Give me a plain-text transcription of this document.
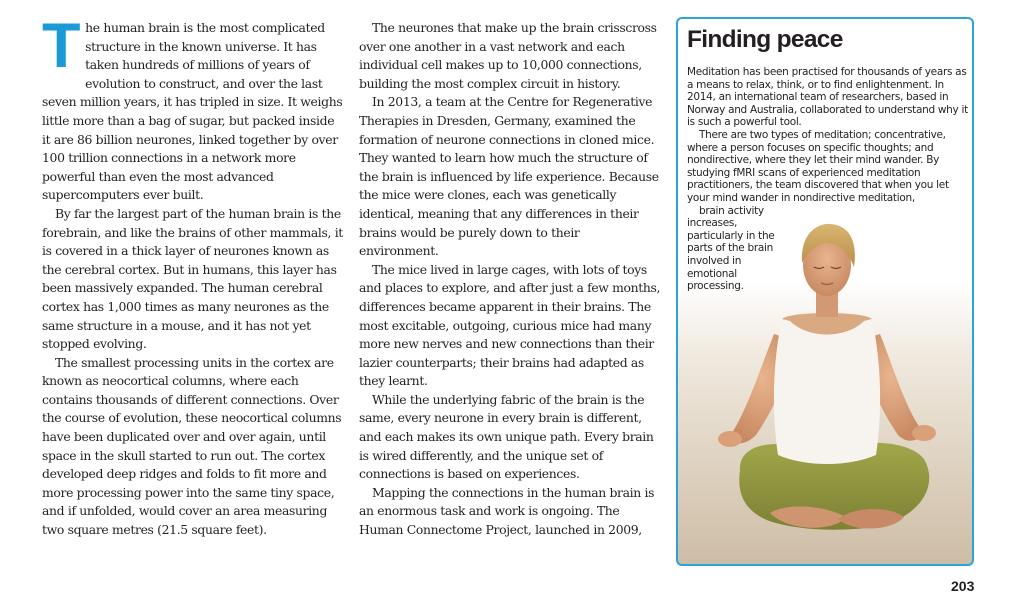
The human brain is the most complicated structure in the known universe. It has taken hundreds of millions of years of evolution to construct, and over the last seven million years, it has tripled in size. It weighs little more than a bag of sugar, but packed inside it are 86 billion neurones, linked together by over 100 trillion connections in a network more powerful than even the most advanced supercomputers ever built.

By far the largest part of the human brain is the forebrain, and like the brains of other mammals, it is covered in a thick layer of neurones known as the cerebral cortex. But in humans, this layer has been massively expanded. The human cerebral cortex has 1,000 times as many neurones as the same structure in a mouse, and it has not yet stopped evolving.

The smallest processing units in the cortex are known as neocortical columns, where each contains thousands of different connections. Over the course of evolution, these neocortical columns have been duplicated over and over again, until space in the skull started to run out. The cortex developed deep ridges and folds to fit more and more processing power into the same tiny space, and if unfolded, would cover an area measuring two square metres (21.5 square feet).

The neurones that make up the brain crisscross over one another in a vast network and each individual cell makes up to 10,000 connections, building the most complex circuit in history.

In 2013, a team at the Centre for Regenerative Therapies in Dresden, Germany, examined the formation of neurone connections in cloned mice. They wanted to learn how much the structure of the brain is influenced by life experience. Because the mice were clones, each was genetically identical, meaning that any differences in their brains would be purely down to their environment.

The mice lived in large cages, with lots of toys and places to explore, and after just a few months, differences became apparent in their brains. The most excitable, outgoing, curious mice had many more new nerves and new connections than their lazier counterparts; their brains had adapted as they learnt.

While the underlying fabric of the brain is the same, every neurone in every brain is different, and each makes its own unique path. Every brain is wired differently, and the unique set of connections is based on experiences.

Mapping the connections in the human brain is an enormous task and work is ongoing. The Human Connectome Project, launched in 2009,

Finding peace

Meditation has been practised for thousands of years as a means to relax, think, or to find enlightenment. In 2014, an international team of researchers, based in Norway and Australia, collaborated to understand why it is such a powerful tool.

There are two types of meditation; concentrative, where a person focuses on specific thoughts; and nondirective, where they let their mind wander. By studying fMRI scans of experienced meditation practitioners, the team discovered that when you let your mind wander in nondirective meditation,
brain activity increases, particularly in the parts of the brain involved in emotional processing.

203
